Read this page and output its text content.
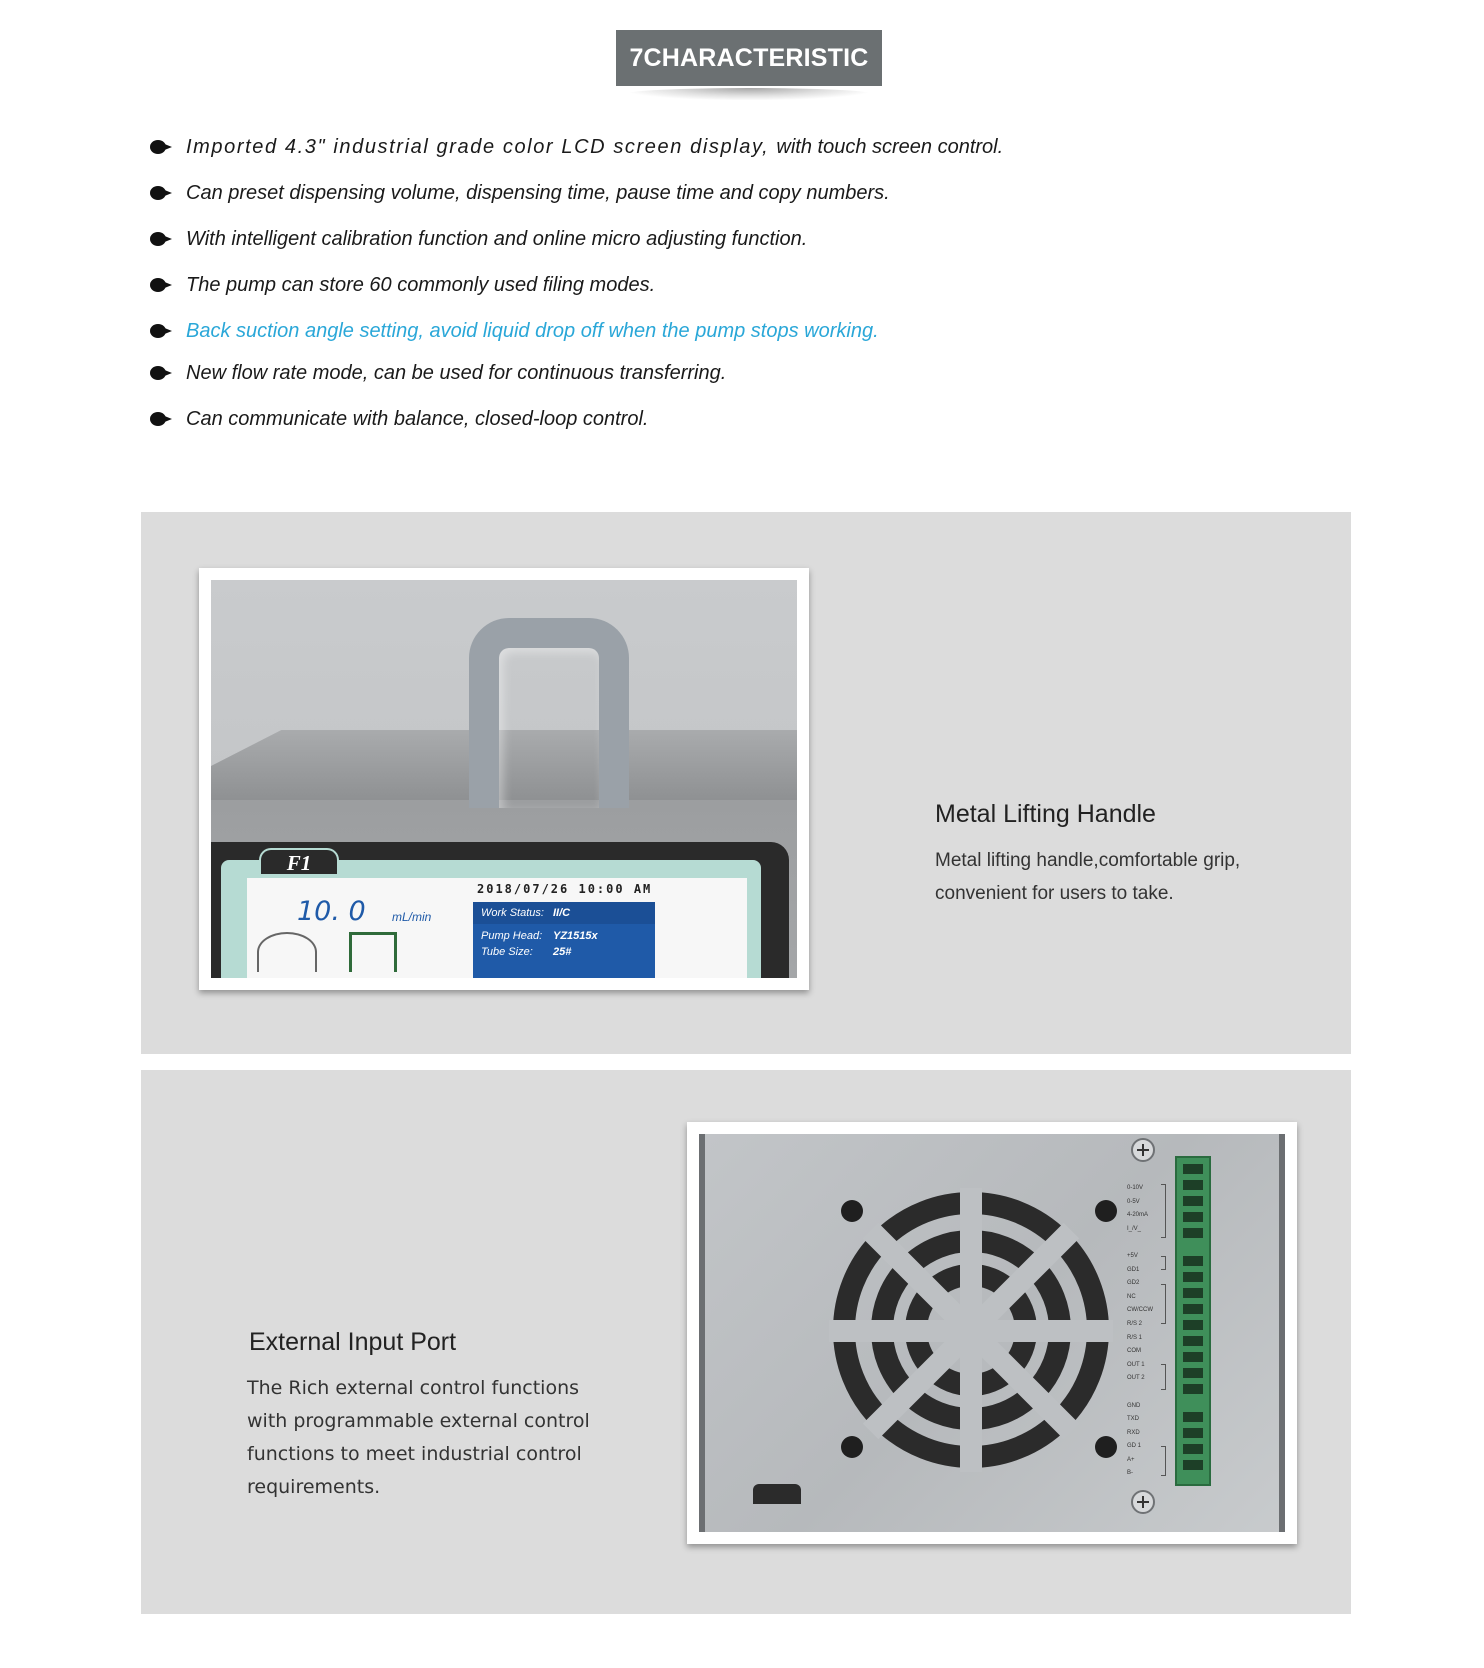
7CHARACTERISTIC
Imported 4.3" industrial grade color LCD screen display, with touch screen control.
Can preset dispensing volume, dispensing time, pause time and copy numbers.
With intelligent calibration function and online micro adjusting function.
The pump can store 60 commonly used filing modes.
Back suction angle setting, avoid liquid drop off when the pump stops working.
New flow rate mode, can be used for continuous transferring.
Can communicate with balance, closed-loop control.
F1
2018/07/26 10:00 AM
10. 0 mL/min	Work Status: II/C
Pump Head: YZ1515x
Tube Size: 25#
Metal Lifting Handle
Metal lifting handle,comfortable grip,
convenient for users to take.
External Input Port
The Rich external control functions
with programmable external control
functions to meet industrial control
requirements.
0-10V
0-5V
4-20mA
I_/V_
+5V
GD1
GD2
NC
CW/CCW
R/S 2
R/S 1
COM
OUT 1
OUT 2
GND
TXD
RXD
GD 1
A+
B-
